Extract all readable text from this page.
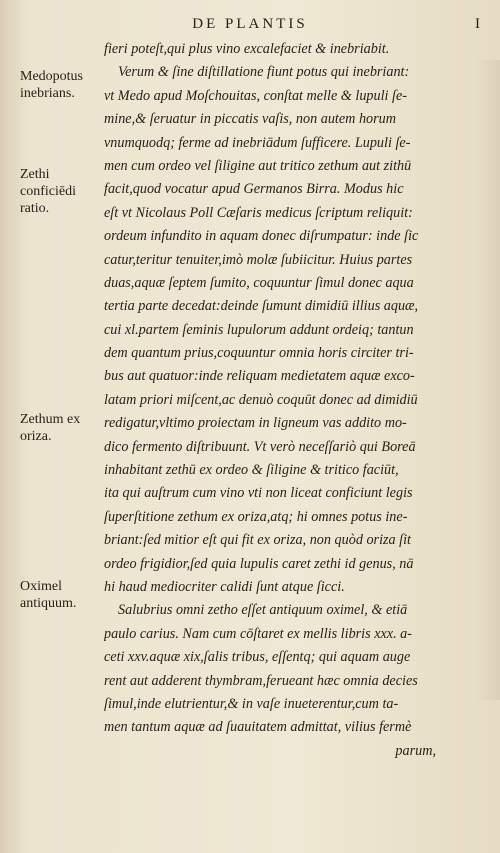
DE PLANTIS	I
Medopotus inebrians.
Zethi conficiēdi ratio.
Zethum ex oriza.
Oximel antiquum.
fieri poteſt,qui plus vino excalefaciet & inebriabit.
Verum & ſine diſtillatione fiunt potus qui inebriant:
vt Medo apud Moſchouitas, conſtat melle & lupuli ſe-
mine,& ſeruatur in piccatis vaſis, non autem horum
vnumquodq; ferme ad inebriādum ſufficere. Lupuli ſe-
men cum ordeo vel ſiligine aut tritico zethum aut zithū
facit,quod vocatur apud Germanos Birra. Modus hic
eſt vt Nicolaus Poll Cæſaris medicus ſcriptum reliquit:
ordeum infundito in aquam donec diſrumpatur: inde ſic
catur,teritur tenuiter,imò molæ ſubiicitur. Huius partes
duas,aquæ ſeptem ſumito, coquuntur ſimul donec aqua
tertia parte decedat:deinde ſumunt dimidiū illius aquæ,
cui xl.partem ſeminis lupulorum addunt ordeiq; tantun
dem quantum prius,coquuntur omnia horis circiter tri-
bus aut quatuor:inde reliquam medietatem aquæ exco-
latam priori miſcent,ac denuò coquūt donec ad dimidiū
redigatur,vltimo proiectam in ligneum vas addito mo-
dico fermento diſtribuunt. Vt verò neceſſariò qui Boreā
inhabitant zethū ex ordeo & ſiligine & tritico faciūt,
ita qui auſtrum cum vino vti non liceat conficiunt legis
ſuperſtitione zethum ex oriza,atq; hi omnes potus ine-
briant:ſed mitior eſt qui fit ex oriza, non quòd oriza ſit
ordeo frigidior,ſed quia lupulis caret zethi id genus, nā
hi haud mediocriter calidi ſunt atque ſicci.
Salubrius omni zetho eſſet antiquum oximel, & etiā
paulo carius. Nam cum cōſtaret ex mellis libris xxx. a-
ceti xxv.aquæ xix,ſalis tribus, eſſentq; qui aquam auge
rent aut adderent thymbram,ferueant hæc omnia decies
ſimul,inde elutrientur,& in vaſe inueterentur,cum ta-
men tantum aquæ ad ſuauitatem admittat, vilius fermè
parum,
